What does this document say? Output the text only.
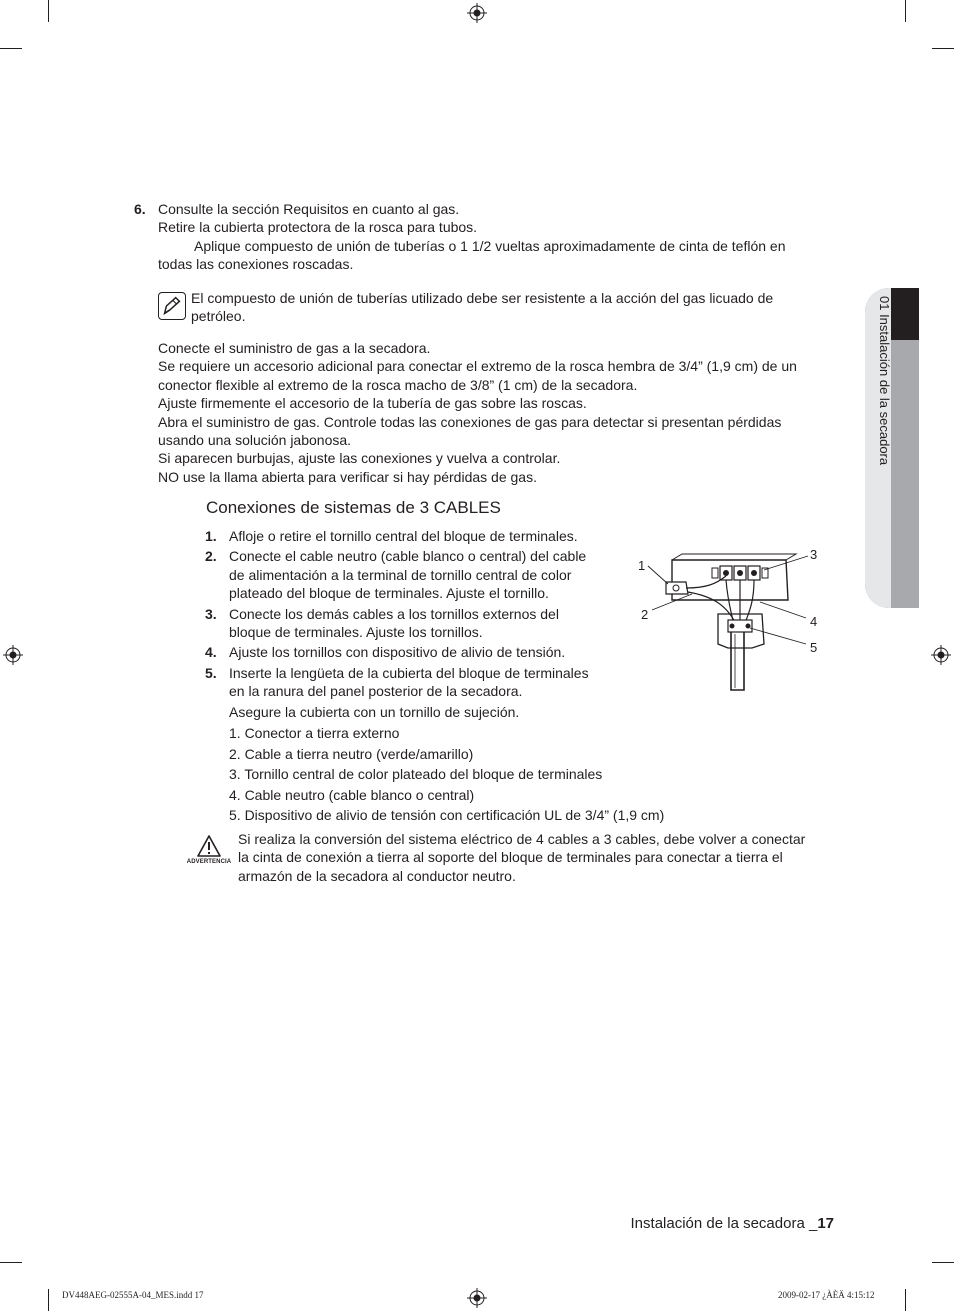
6. Consulte la sección Requisitos en cuanto al gas.
Retire la cubierta protectora de la rosca para tubos.
Aplique compuesto de unión de tuberías o 1 1/2 vueltas aproximadamente de cinta de teflón en
todas las conexiones roscadas.
El compuesto de unión de tuberías utilizado debe ser resistente a la acción del gas licuado de
petróleo.
Conecte el suministro de gas a la secadora.
Se requiere un accesorio adicional para conectar el extremo de la rosca hembra de 3/4” (1,9 cm) de un
conector flexible al extremo de la rosca macho de 3/8” (1 cm) de la secadora.
Ajuste firmemente el accesorio de la tubería de gas sobre las roscas.
Abra el suministro de gas. Controle todas las conexiones de gas para detectar si presentan pérdidas
usando una solución jabonosa.
Si aparecen burbujas, ajuste las conexiones y vuelva a controlar.
NO use la llama abierta para verificar si hay pérdidas de gas.
Conexiones de sistemas de 3 CABLES
1. Afloje o retire el tornillo central del bloque de terminales.
2. Conecte el cable neutro (cable blanco o central) del cable
de alimentación a la terminal de tornillo central de color
plateado del bloque de terminales. Ajuste el tornillo.
3. Conecte los demás cables a los tornillos externos del
bloque de terminales. Ajuste los tornillos.
4. Ajuste los tornillos con dispositivo de alivio de tensión.
5. Inserte la lengüeta de la cubierta del bloque de terminales
en la ranura del panel posterior de la secadora.
Asegure la cubierta con un tornillo de sujeción.
1. Conector a tierra externo
2. Cable a tierra neutro (verde/amarillo)
3. Tornillo central de color plateado del bloque de terminales
4. Cable neutro (cable blanco o central)
5. Dispositivo de alivio de tensión con certificación UL de 3/4” (1,9 cm)
1
2
3
4
5
ADVERTENCIA
Si realiza la conversión del sistema eléctrico de 4 cables a 3 cables, debe volver a conectar
la cinta de conexión a tierra al soporte del bloque de terminales para conectar a tierra el
armazón de la secadora al conductor neutro.
01 Instalación de la secadora
Instalación de la secadora _17
DV448AEG-02555A-04_MES.indd 17	2009-02-17 ¿ÀÈÄ 4:15:12
